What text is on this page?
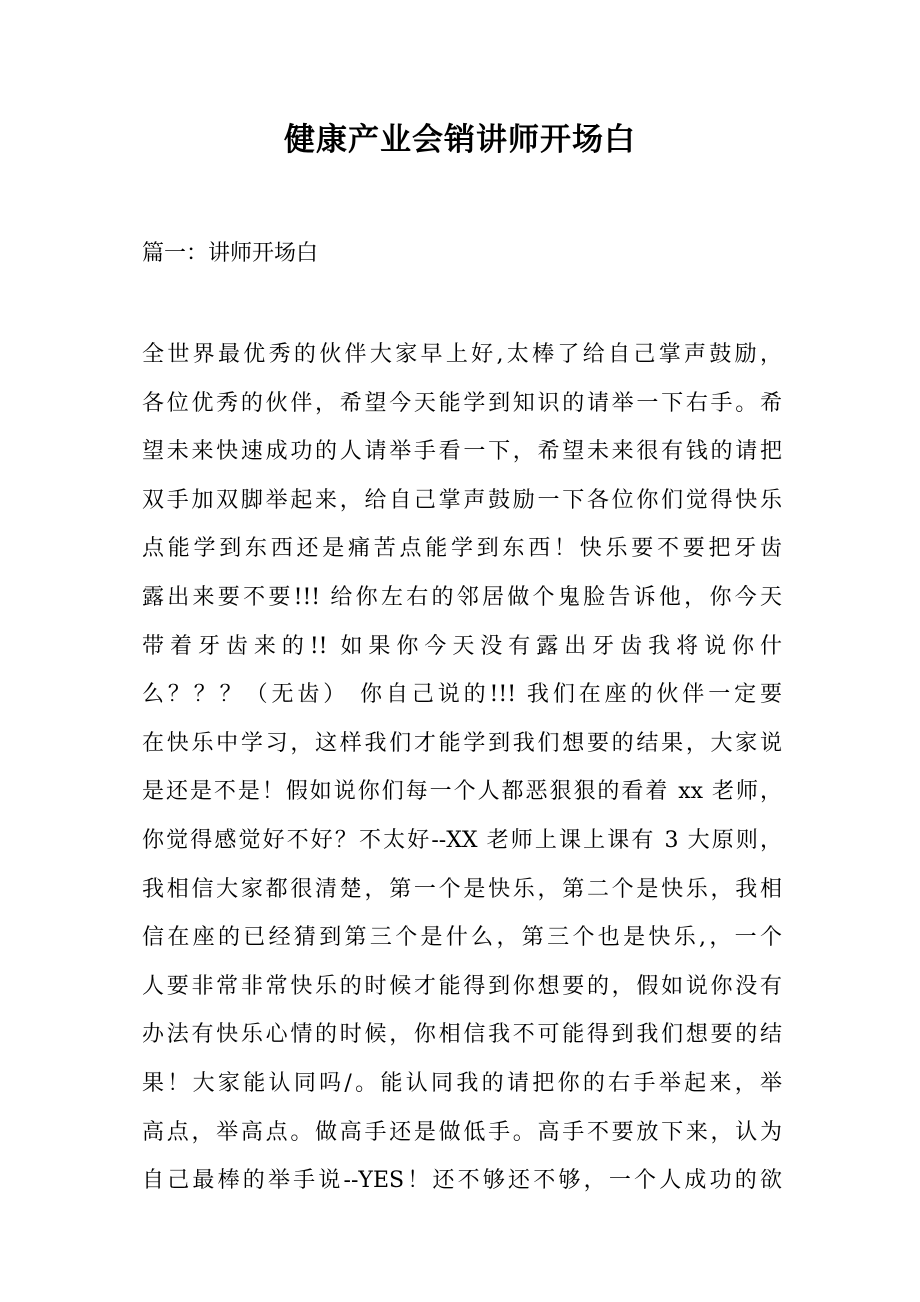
健康产业会销讲师开场白

篇一：讲师开场白

全世界最优秀的伙伴大家早上好,太棒了给自己掌声鼓励，
各位优秀的伙伴，希望今天能学到知识的请举一下右手。希
望未来快速成功的人请举手看一下，希望未来很有钱的请把
双手加双脚举起来，给自己掌声鼓励一下各位你们觉得快乐
点能学到东西还是痛苦点能学到东西！快乐要不要把牙齿
露出来要不要!!! 给你左右的邻居做个鬼脸告诉他，你今天
带着牙齿来的!! 如果你今天没有露出牙齿我将说你什
么？？？（无齿） 你自己说的!!! 我们在座的伙伴一定要
在快乐中学习，这样我们才能学到我们想要的结果，大家说
是还是不是！假如说你们每一个人都恶狠狠的看着 xx 老师，
你觉得感觉好不好？不太好--XX 老师上课上课有 3 大原则，
我相信大家都很清楚，第一个是快乐，第二个是快乐，我相
信在座的已经猜到第三个是什么，第三个也是快乐,，一个
人要非常非常快乐的时候才能得到你想要的，假如说你没有
办法有快乐心情的时候，你相信我不可能得到我们想要的结
果！大家能认同吗/。能认同我的请把你的右手举起来，举
高点，举高点。做高手还是做低手。高手不要放下来，认为
自己最棒的举手说--YES！还不够还不够，一个人成功的欲
